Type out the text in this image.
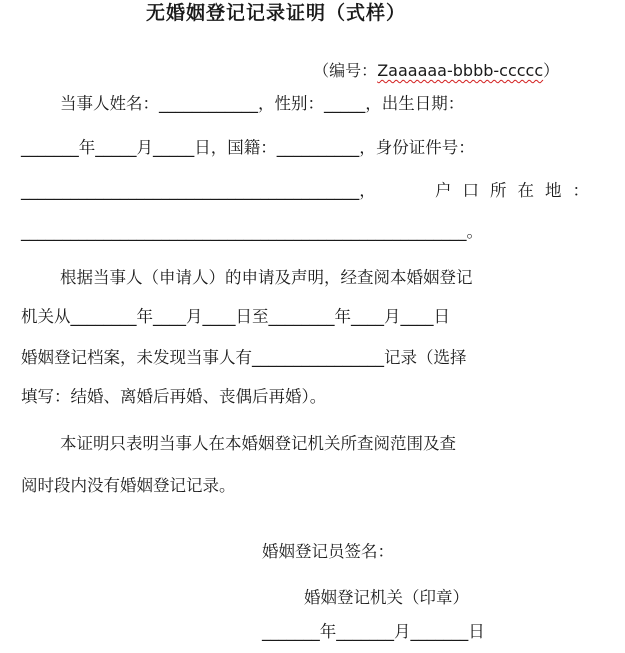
无婚姻登记记录证明（式样）

（编号：Zaaaaaa-bbbb-ccccc）

当事人姓名：____________，性别：_____，出生日期：
_______年_____月_____日，国籍：__________，身份证件号：
_________________________________________，	户口所在地：
______________________________________________________。
根据当事人（申请人）的申请及声明，经查阅本婚姻登记
机关从________年____月____日至________年____月____日
婚姻登记档案，未发现当事人有________________记录（选择
填写：结婚、离婚后再婚、丧偶后再婚）。
本证明只表明当事人在本婚姻登记机关所查阅范围及查
阅时段内没有婚姻登记记录。
婚姻登记员签名：
婚姻登记机关（印章）
_______年_______月_______日
